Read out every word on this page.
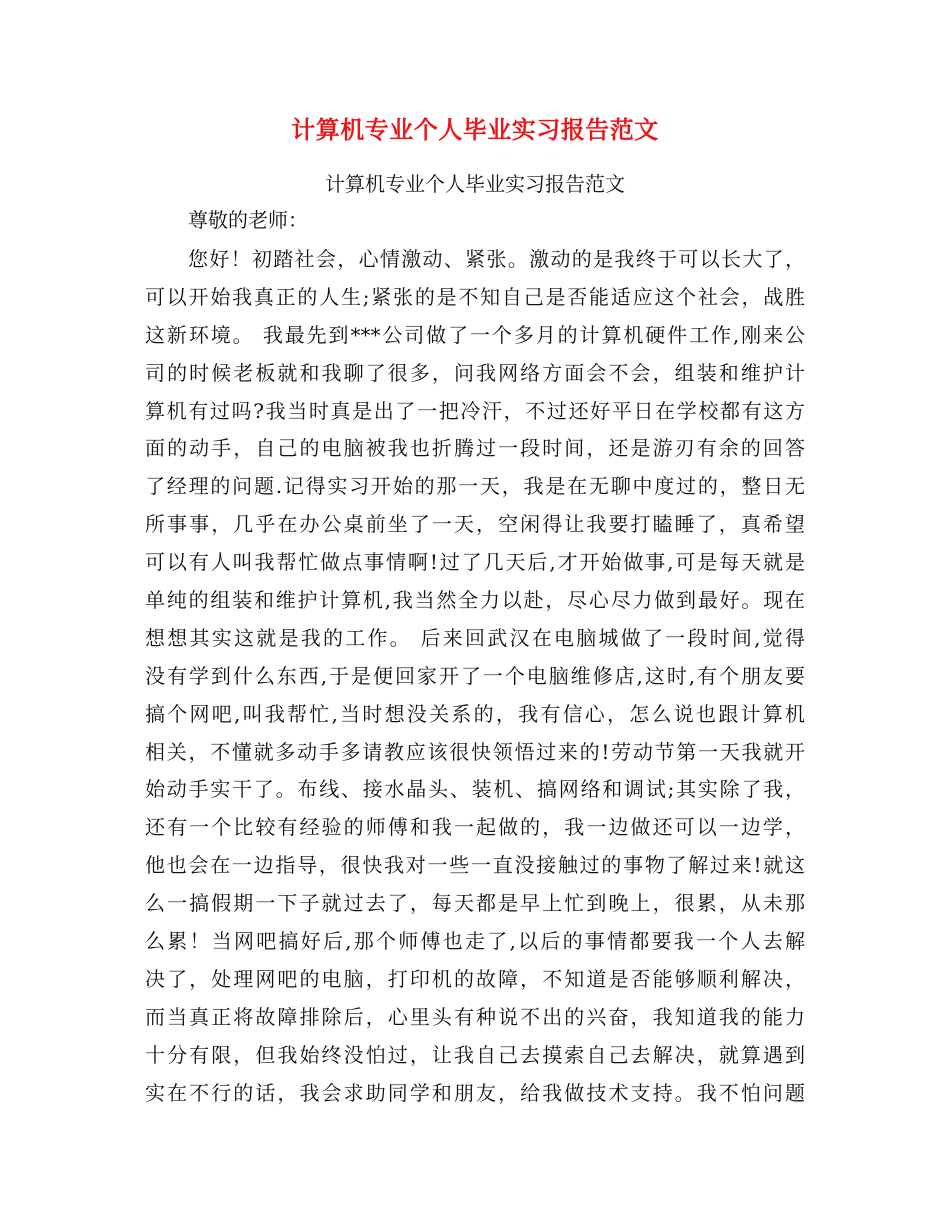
计算机专业个人毕业实习报告范文

计算机专业个人毕业实习报告范文

尊敬的老师：

您好！初踏社会，心情激动、紧张。激动的是我终于可以长大了，
可以开始我真正的人生;紧张的是不知自己是否能适应这个社会，战胜
这新环境。 我最先到***公司做了一个多月的计算机硬件工作,刚来公
司的时候老板就和我聊了很多，问我网络方面会不会，组装和维护计
算机有过吗?我当时真是出了一把冷汗，不过还好平日在学校都有这方
面的动手，自己的电脑被我也折腾过一段时间，还是游刃有余的回答
了经理的问题.记得实习开始的那一天，我是在无聊中度过的，整日无
所事事，几乎在办公桌前坐了一天，空闲得让我要打瞌睡了，真希望
可以有人叫我帮忙做点事情啊!过了几天后,才开始做事,可是每天就是
单纯的组装和维护计算机,我当然全力以赴，尽心尽力做到最好。现在
想想其实这就是我的工作。 后来回武汉在电脑城做了一段时间,觉得
没有学到什么东西,于是便回家开了一个电脑维修店,这时,有个朋友要
搞个网吧,叫我帮忙,当时想没关系的，我有信心，怎么说也跟计算机
相关，不懂就多动手多请教应该很快领悟过来的!劳动节第一天我就开
始动手实干了。布线、接水晶头、装机、搞网络和调试;其实除了我，
还有一个比较有经验的师傅和我一起做的，我一边做还可以一边学，
他也会在一边指导，很快我对一些一直没接触过的事物了解过来!就这
么一搞假期一下子就过去了，每天都是早上忙到晚上，很累，从未那
么累！当网吧搞好后,那个师傅也走了,以后的事情都要我一个人去解
决了，处理网吧的电脑，打印机的故障，不知道是否能够顺利解决，
而当真正将故障排除后，心里头有种说不出的兴奋，我知道我的能力
十分有限，但我始终没怕过，让我自己去摸索自己去解决，就算遇到
实在不行的话，我会求助同学和朋友，给我做技术支持。我不怕问题
